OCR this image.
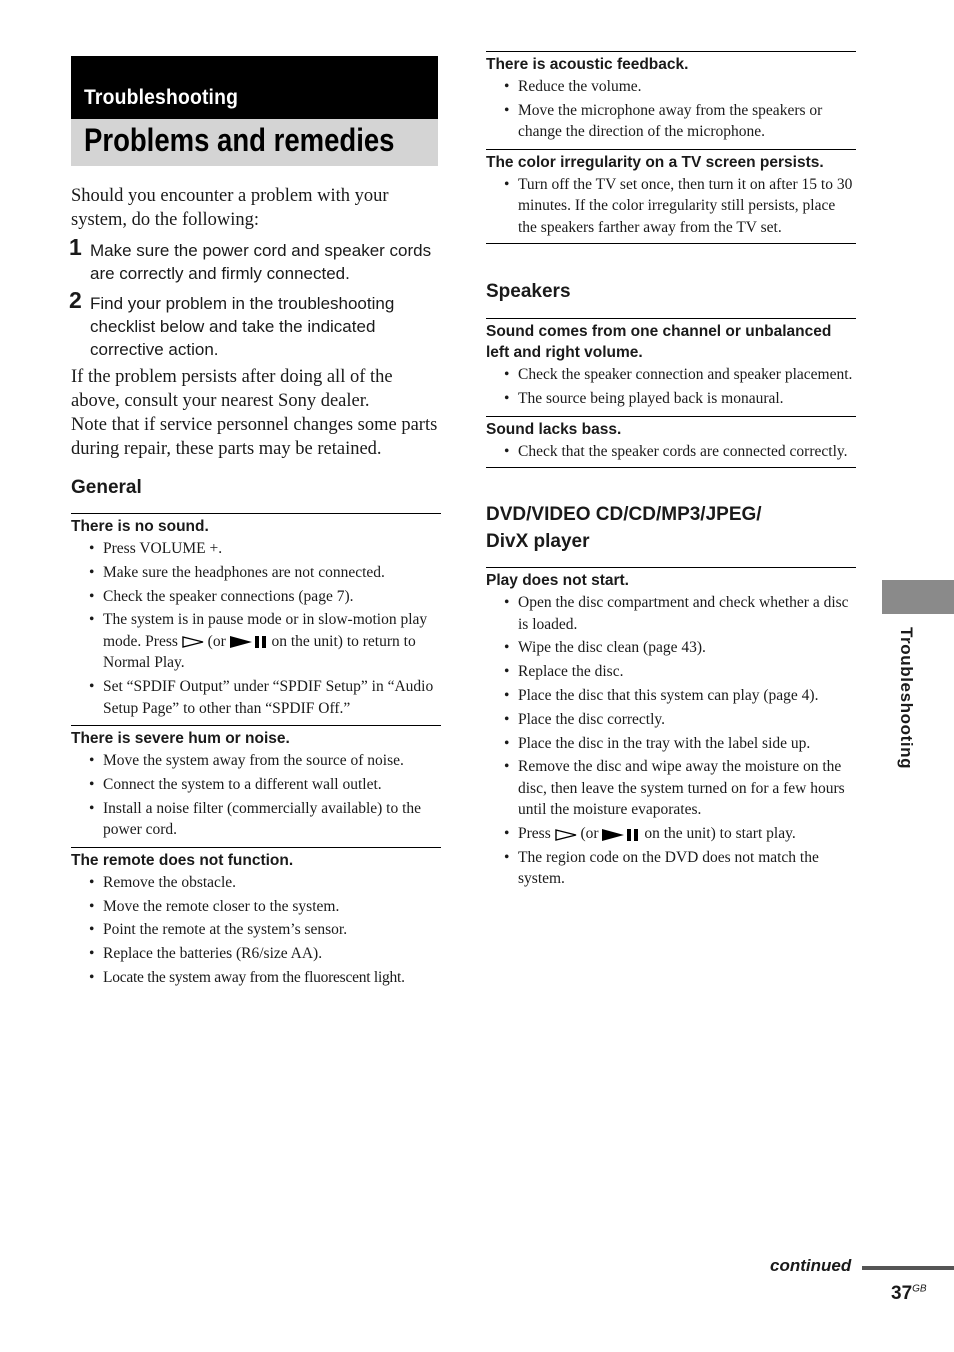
Troubleshooting
Problems and remedies

Should you encounter a problem with your system, do the following:

1 Make sure the power cord and speaker cords are correctly and firmly connected.
2 Find your problem in the troubleshooting checklist below and take the indicated corrective action.

If the problem persists after doing all of the above, consult your nearest Sony dealer.

Note that if service personnel changes some parts during repair, these parts may be retained.

General
There is no sound.
• Press VOLUME +.
• Make sure the headphones are not connected.
• Check the speaker connections (page 7).
• The system is in pause mode or in slow-motion play mode. Press (or	on the unit) to return to Normal Play.
• Set “SPDIF Output” under “SPDIF Setup” in “Audio Setup Page” to other than “SPDIF Off.”
There is severe hum or noise.
• Move the system away from the source of noise.
• Connect the system to a different wall outlet.
• Install a noise filter (commercially available) to the power cord.
The remote does not function.
• Remove the obstacle.
• Move the remote closer to the system.
• Point the remote at the system’s sensor.
• Replace the batteries (R6/size AA).
• Locate the system away from the fluorescent light.
There is acoustic feedback.
• Reduce the volume.
• Move the microphone away from the speakers or change the direction of the microphone.
The color irregularity on a TV screen persists.
• Turn off the TV set once, then turn it on after 15 to 30 minutes. If the color irregularity still persists, place the speakers farther away from the TV set.
Speakers
Sound comes from one channel or unbalanced left and right volume.
• Check the speaker connection and speaker placement.
• The source being played back is monaural.
Sound lacks bass.
• Check that the speaker cords are connected correctly.
DVD/VIDEO CD/CD/MP3/JPEG/
DivX player
Play does not start.
• Open the disc compartment and check whether a disc is loaded.
• Wipe the disc clean (page 43).
• Replace the disc.
• Place the disc that this system can play (page 4).
• Place the disc correctly.
• Place the disc in the tray with the label side up.
• Remove the disc and wipe away the moisture on the disc, then leave the system turned on for a few hours until the moisture evaporates.
• Press (or	on the unit) to start play.
• The region code on the DVD does not match the system.
Troubleshooting
continued
$37^{GB}$
